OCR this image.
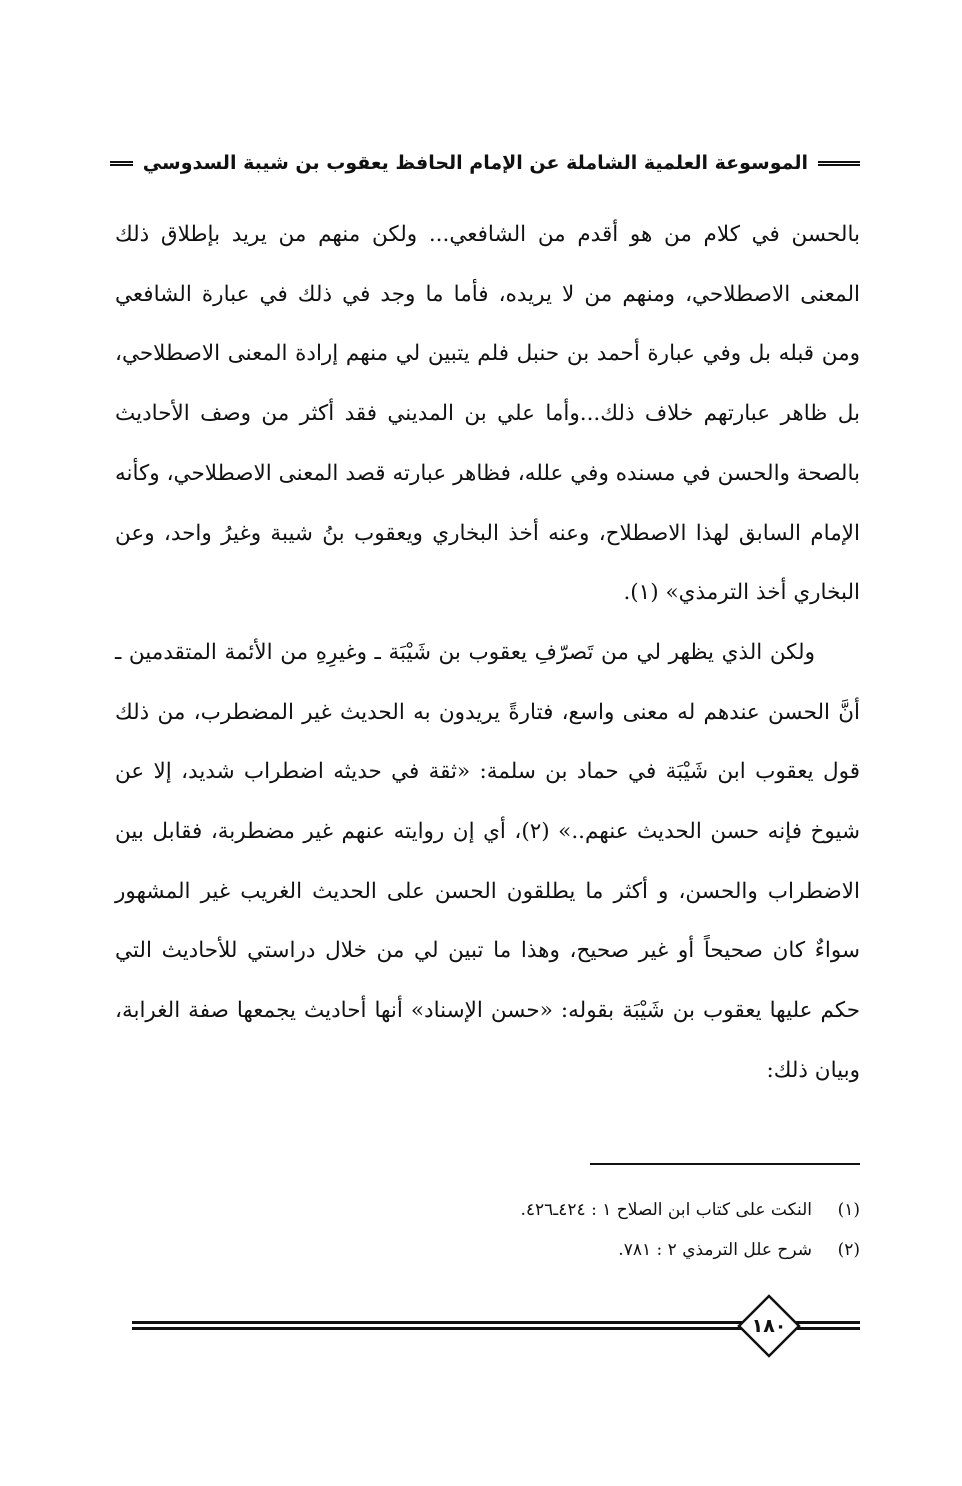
الموسوعة العلمية الشاملة عن الإمام الحافظ يعقوب بن شيبة السدوسي

بالحسن في كلام من هو أقدم من الشافعي... ولكن منهم من يريد بإطلاق ذلك المعنى الاصطلاحي، ومنهم من لا يريده، فأما ما وجد في ذلك في عبارة الشافعي ومن قبله بل وفي عبارة أحمد بن حنبل فلم يتبين لي منهم إرادة المعنى الاصطلاحي، بل ظاهر عبارتهم خلاف ذلك...وأما علي بن المديني فقد أكثر من وصف الأحاديث بالصحة والحسن في مسنده وفي علله، فظاهر عبارته قصد المعنى الاصطلاحي، وكأنه الإمام السابق لهذا الاصطلاح، وعنه أخذ البخاري ويعقوب بنُ شيبة وغيرُ واحد، وعن البخاري أخذ الترمذي» (١).

ولكن الذي يظهر لي من تَصرّفِ يعقوب بن شَيْبَة ـ وغيرِهِ من الأئمة المتقدمين ـ أنَّ الحسن عندهم له معنى واسع، فتارةً يريدون به الحديث غير المضطرب، من ذلك قول يعقوب ابن شَيْبَة في حماد بن سلمة: «ثقة في حديثه اضطراب شديد، إلا عن شيوخ فإنه حسن الحديث عنهم..» (٢)، أي إن روايته عنهم غير مضطربة، فقابل بين الاضطراب والحسن، و أكثر ما يطلقون الحسن على الحديث الغريب غير المشهور سواءٌ كان صحيحاً أو غير صحيح، وهذا ما تبين لي من خلال دراستي للأحاديث التي حكم عليها يعقوب بن شَيْبَة بقوله: «حسن الإسناد» أنها أحاديث يجمعها صفة الغرابة، وبيان ذلك:

(١)
النكت على كتاب ابن الصلاح ١ : ٤٢٤ـ٤٢٦.
(٢)
شرح علل الترمذي ٢ : ٧٨١.
١٨٠
